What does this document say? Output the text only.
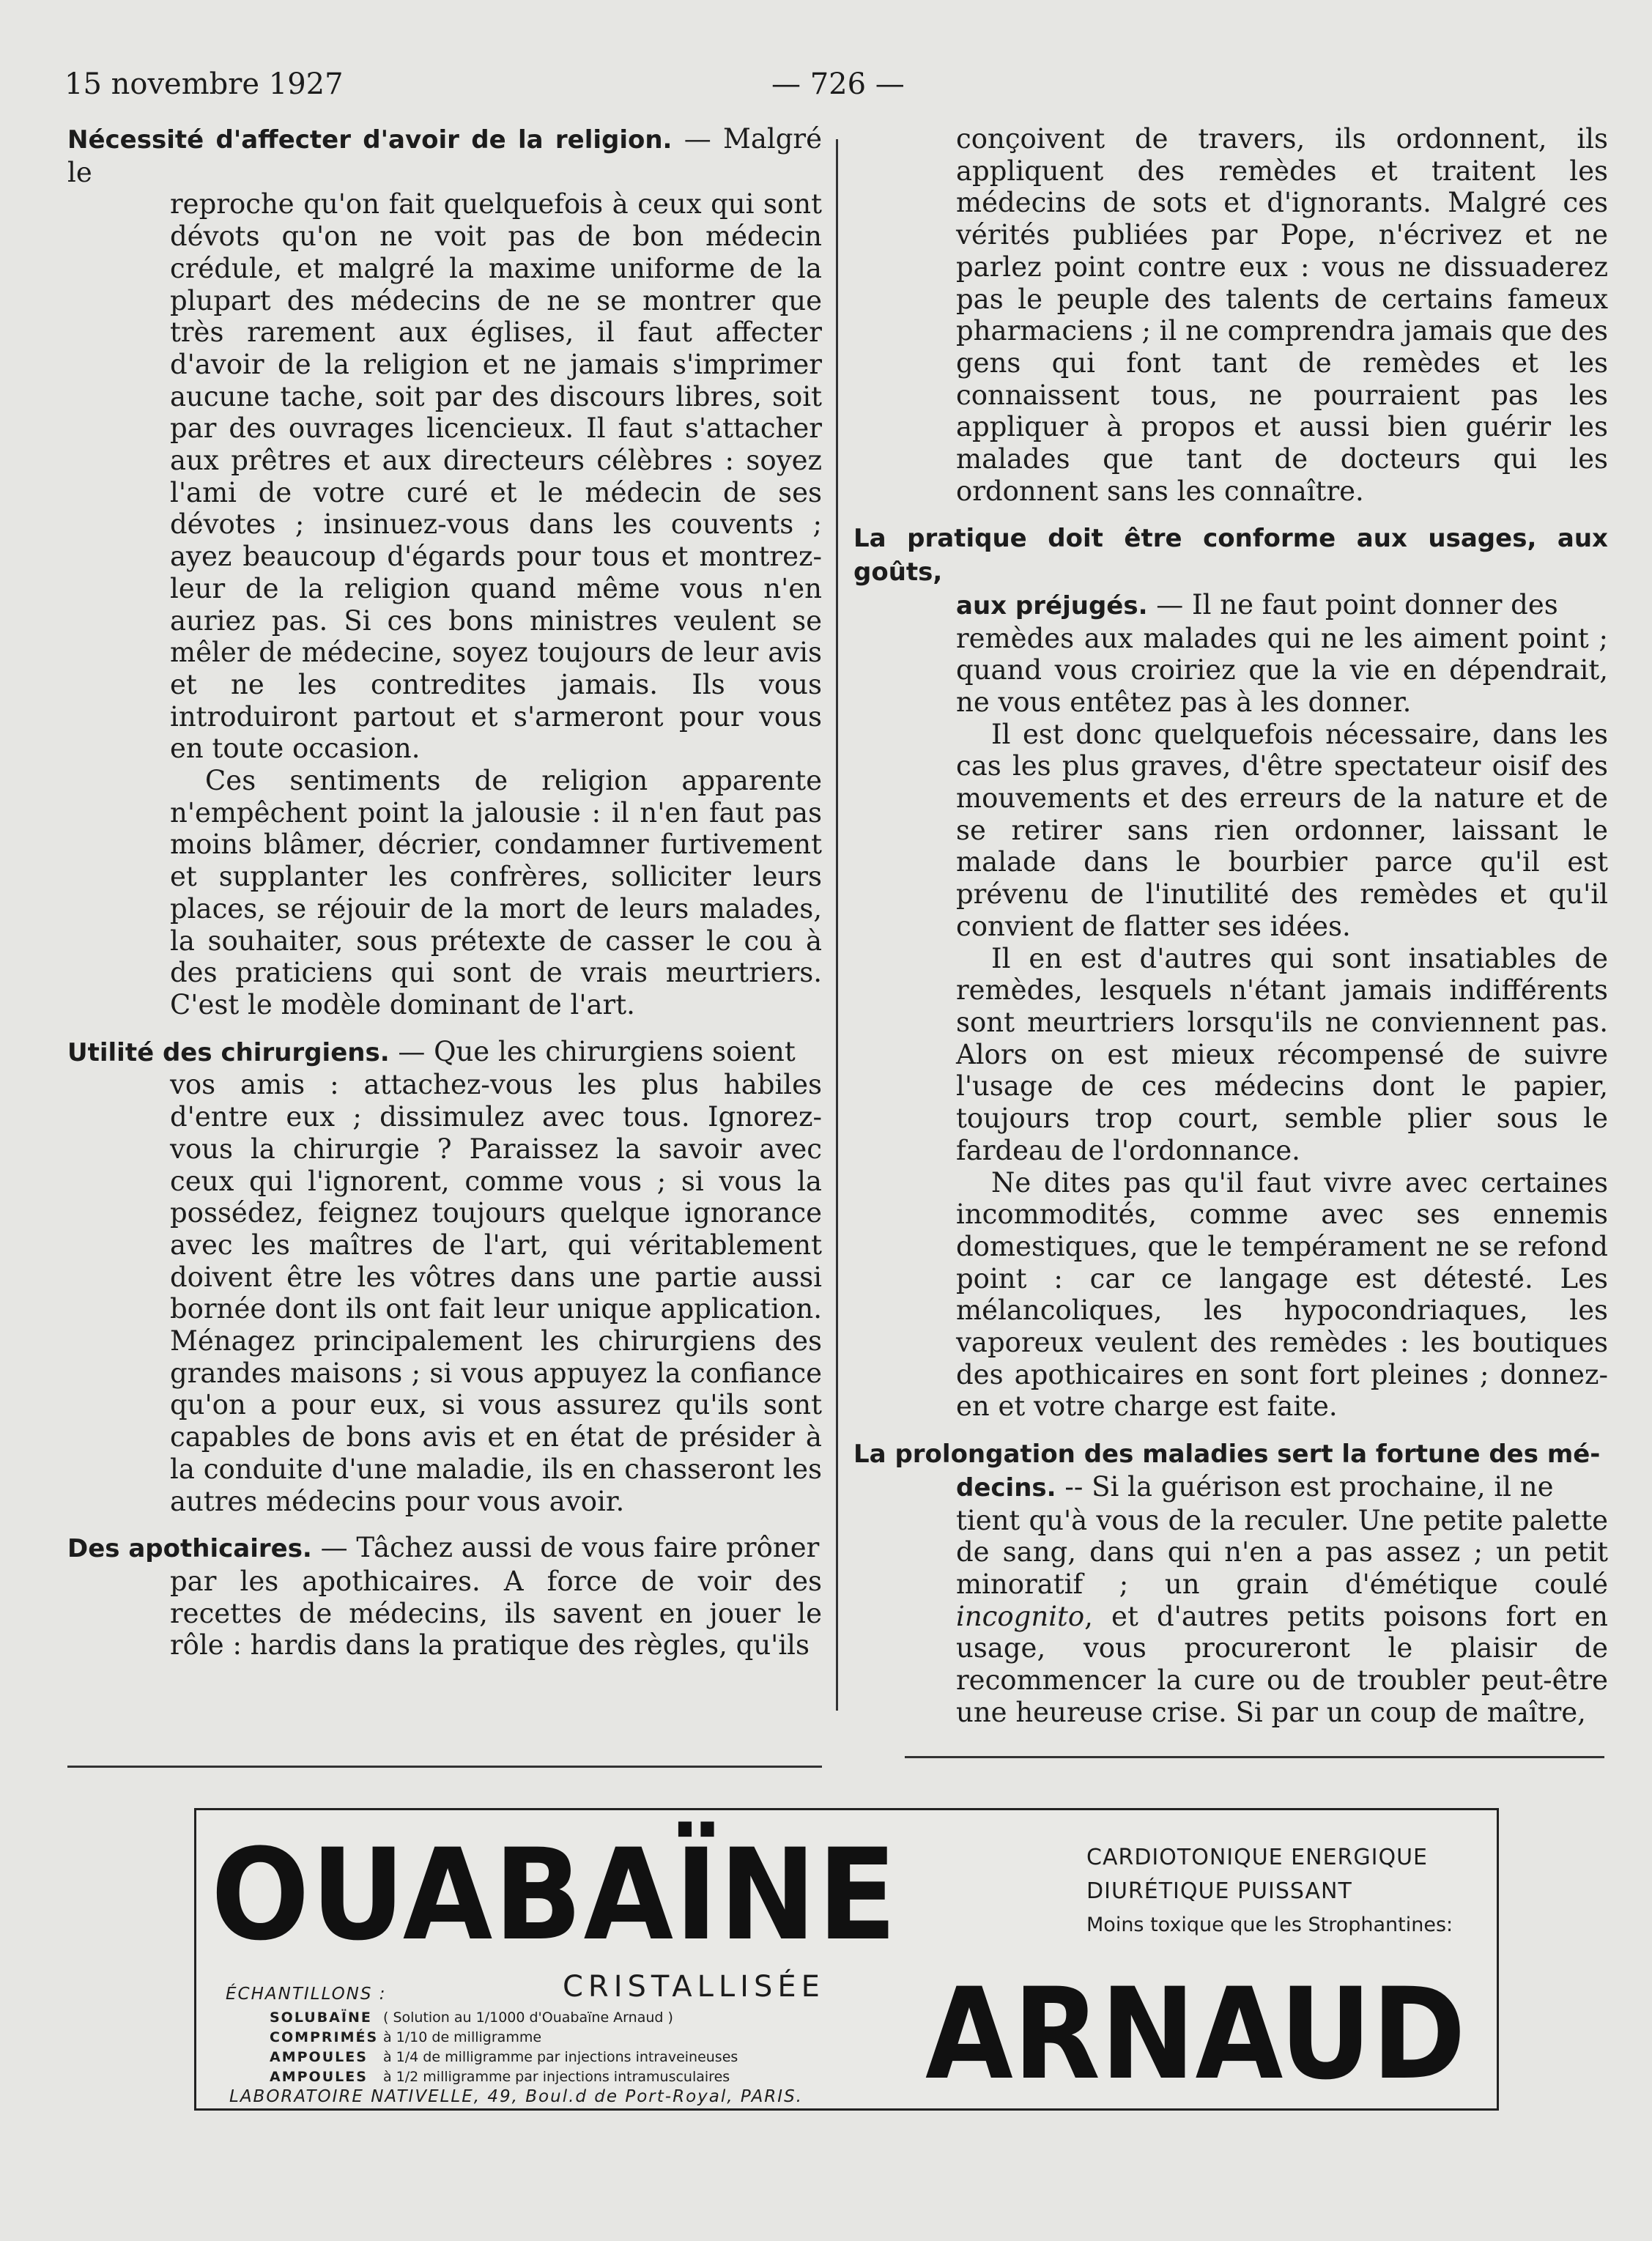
15 novembre 1927	— 726 —
Nécessité d'affecter d'avoir de la religion. — Malgré le
reproche qu'on fait quelquefois à ceux qui sont dévots qu'on ne voit pas de bon médecin crédule, et malgré la maxime uniforme de la plupart des médecins de ne se montrer que très rarement aux églises, il faut affecter d'avoir de la religion et ne jamais s'imprimer aucune tache, soit par des discours libres, soit par des ouvrages licencieux. Il faut s'attacher aux prêtres et aux directeurs célèbres : soyez l'ami de votre curé et le médecin de ses dévotes ; insinuez-vous dans les couvents ; ayez beaucoup d'égards pour tous et montrez-leur de la religion quand même vous n'en auriez pas. Si ces bons ministres veulent se mêler de médecine, soyez toujours de leur avis et ne les contredites jamais. Ils vous introduiront partout et s'armeront pour vous en toute occasion.
Ces sentiments de religion apparente n'empêchent point la jalousie : il n'en faut pas moins blâmer, décrier, condamner furtivement et supplanter les confrères, solliciter leurs places, se réjouir de la mort de leurs malades, la souhaiter, sous prétexte de casser le cou à des praticiens qui sont de vrais meurtriers. C'est le modèle dominant de l'art.
Utilité des chirurgiens. — Que les chirurgiens soient
vos amis : attachez-vous les plus habiles d'entre eux ; dissimulez avec tous. Ignorez-vous la chirurgie ? Paraissez la savoir avec ceux qui l'ignorent, comme vous ; si vous la possédez, feignez toujours quelque ignorance avec les maîtres de l'art, qui véritablement doivent être les vôtres dans une partie aussi bornée dont ils ont fait leur unique application. Ménagez principalement les chirurgiens des grandes maisons ; si vous appuyez la confiance qu'on a pour eux, si vous assurez qu'ils sont capables de bons avis et en état de présider à la conduite d'une maladie, ils en chasseront les autres médecins pour vous avoir.
Des apothicaires. — Tâchez aussi de vous faire prôner
par les apothicaires. A force de voir des recettes de médecins, ils savent en jouer le rôle : hardis dans la pratique des règles, qu'ils
conçoivent de travers, ils ordonnent, ils appliquent des remèdes et traitent les médecins de sots et d'ignorants. Malgré ces vérités publiées par Pope, n'écrivez et ne parlez point contre eux : vous ne dissuaderez pas le peuple des talents de certains fameux pharmaciens ; il ne comprendra jamais que des gens qui font tant de remèdes et les connaissent tous, ne pourraient pas les appliquer à propos et aussi bien guérir les malades que tant de docteurs qui les ordonnent sans les connaître.
La pratique doit être conforme aux usages, aux goûts,
aux préjugés. — Il ne faut point donner des
remèdes aux malades qui ne les aiment point ; quand vous croiriez que la vie en dépendrait, ne vous entêtez pas à les donner.
Il est donc quelquefois nécessaire, dans les cas les plus graves, d'être spectateur oisif des mouvements et des erreurs de la nature et de se retirer sans rien ordonner, laissant le malade dans le bourbier parce qu'il est prévenu de l'inutilité des remèdes et qu'il convient de flatter ses idées.
Il en est d'autres qui sont insatiables de remèdes, lesquels n'étant jamais indifférents sont meurtriers lorsqu'ils ne conviennent pas. Alors on est mieux récompensé de suivre l'usage de ces médecins dont le papier, toujours trop court, semble plier sous le fardeau de l'ordonnance.
Ne dites pas qu'il faut vivre avec certaines incommodités, comme avec ses ennemis domestiques, que le tempérament ne se refond point : car ce langage est détesté. Les mélancoliques, les hypocondriaques, les vaporeux veulent des remèdes : les boutiques des apothicaires en sont fort pleines ; donnez-en et votre charge est faite.
La prolongation des maladies sert la fortune des mé-
decins. -- Si la guérison est prochaine, il ne
tient qu'à vous de la reculer. Une petite palette de sang, dans qui n'en a pas assez ; un petit minoratif ; un grain d'émétique coulé incognito, et d'autres petits poisons fort en usage, vous procureront le plaisir de recommencer la cure ou de troubler peut-être une heureuse crise. Si par un coup de maître,
OUABAÏNE	CARDIOTONIQUE ENERGIQUE
DIURÉTIQUE PUISSANT
Moins toxique que les Strophantines:
ÉCHANTILLONS :	CRISTALLISÉE
SOLUBAÏNE ( Solution au 1/1000 d'Ouabaïne Arnaud )
COMPRIMÉS à 1/10 de milligramme
AMPOULES à 1/4 de milligramme par injections intraveineuses
AMPOULES à 1/2 milligramme par injections intramusculaires
LABORATOIRE NATIVELLE, 49, Boul.d de Port-Royal, PARIS. ARNAUD
